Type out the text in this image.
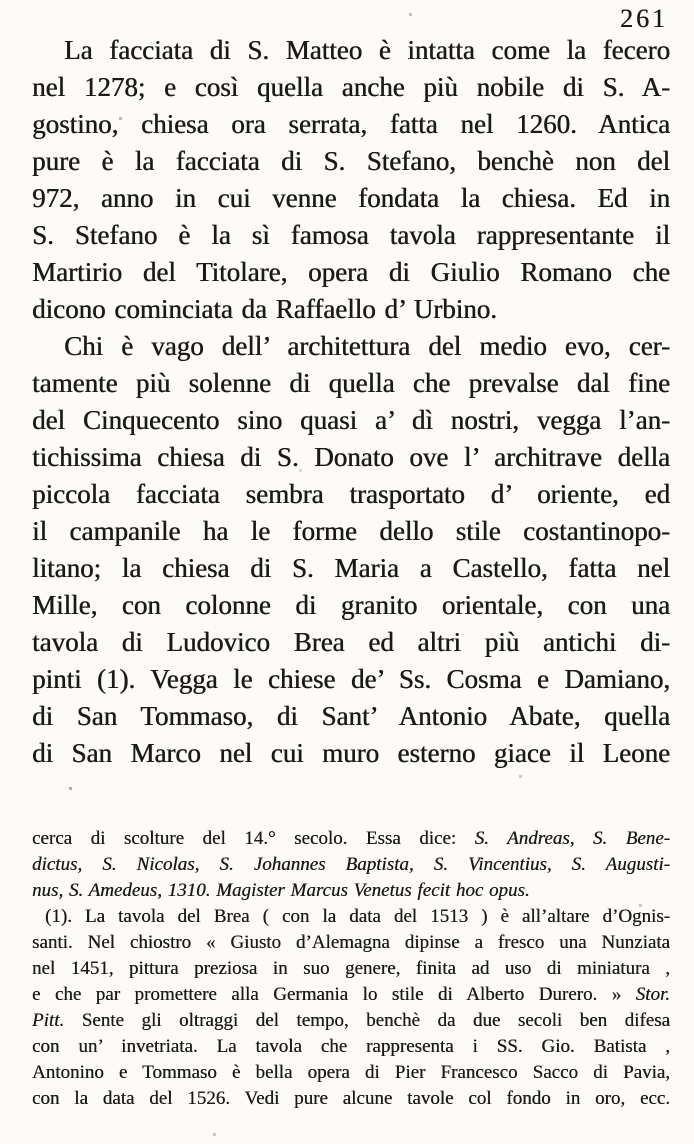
261
La facciata di S. Matteo è intatta come la fecero
nel 1278; e così quella anche più nobile di S. A-
gostino, chiesa ora serrata, fatta nel 1260. Antica
pure è la facciata di S. Stefano, benchè non del
972, anno in cui venne fondata la chiesa. Ed in
S. Stefano è la sì famosa tavola rappresentante il
Martirio del Titolare, opera di Giulio Romano che
dicono cominciata da Raffaello d’ Urbino.
Chi è vago dell’ architettura del medio evo, cer-
tamente più solenne di quella che prevalse dal fine
del Cinquecento sino quasi a’ dì nostri, vegga l’an-
tichissima chiesa di S. Donato ove l’ architrave della
piccola facciata sembra trasportato d’ oriente, ed
il campanile ha le forme dello stile costantinopo-
litano; la chiesa di S. Maria a Castello, fatta nel
Mille, con colonne di granito orientale, con una
tavola di Ludovico Brea ed altri più antichi di-
pinti (1). Vegga le chiese de’ Ss. Cosma e Damiano,
di San Tommaso, di Sant’ Antonio Abate, quella
di San Marco nel cui muro esterno giace il Leone
cerca di scolture del 14.° secolo. Essa dice: S. Andreas, S. Bene-
dictus, S. Nicolas, S. Johannes Baptista, S. Vincentius, S. Augusti-
nus, S. Amedeus, 1310. Magister Marcus Venetus fecit hoc opus.
(1). La tavola del Brea ( con la data del 1513 ) è all’altare d’Ognis-
santi. Nel chiostro « Giusto d’Alemagna dipinse a fresco una Nunziata
nel 1451, pittura preziosa in suo genere, finita ad uso di miniatura ,
e che par promettere alla Germania lo stile di Alberto Durero. » Stor.
Pitt. Sente gli oltraggi del tempo, benchè da due secoli ben difesa
con un’ invetriata. La tavola che rappresenta i SS. Gio. Batista ,
Antonino e Tommaso è bella opera di Pier Francesco Sacco di Pavia,
con la data del 1526. Vedi pure alcune tavole col fondo in oro, ecc.
